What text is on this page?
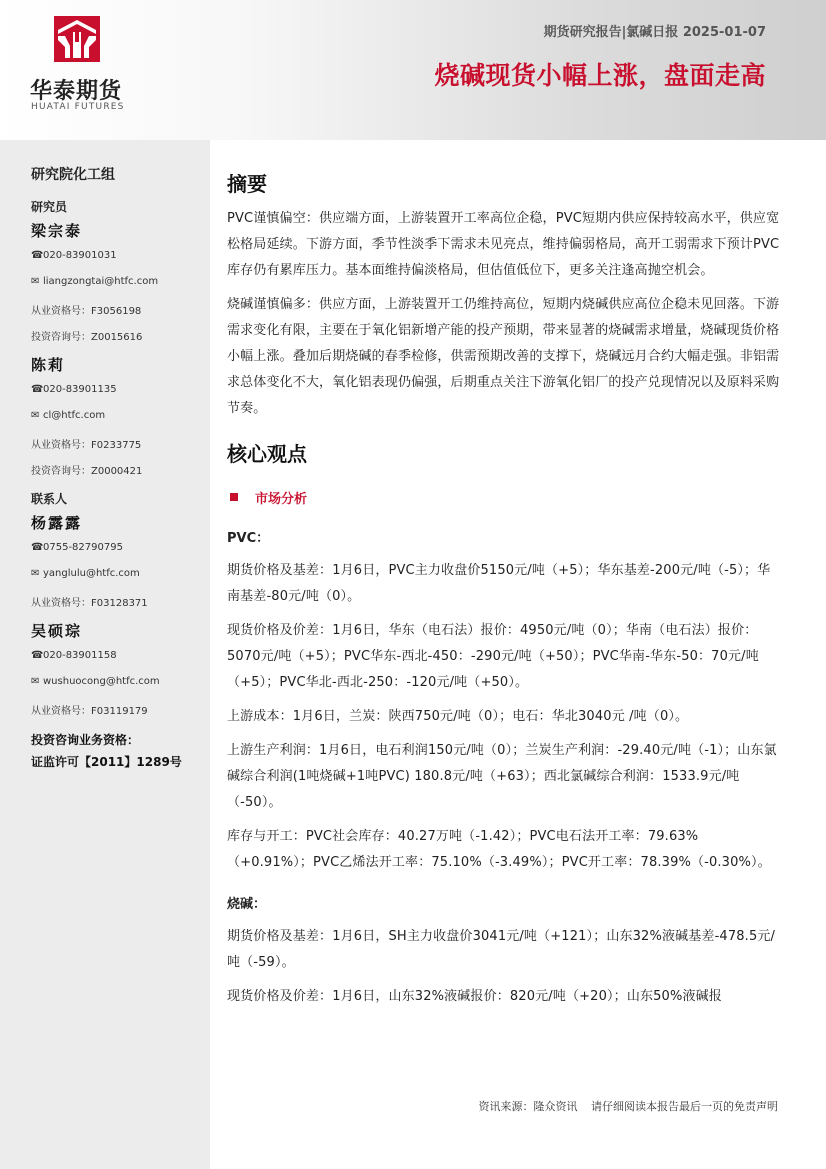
华泰期货
HUATAI FUTURES
期货研究报告|氯碱日报 2025-01-07
烧碱现货小幅上涨，盘面走高
研究院化工组
研究员
梁宗泰
☎ 020-83901031
✉ liangzongtai@htfc.com
从业资格号：F3056198
投资咨询号：Z0015616
陈莉
☎ 020-83901135
✉ cl@htfc.com
从业资格号：F0233775
投资咨询号：Z0000421
联系人
杨露露
☎ 0755-82790795
✉ yanglulu@htfc.com
从业资格号：F03128371
吴硕琮
☎ 020-83901158
✉ wushuocong@htfc.com
从业资格号：F03119179
投资咨询业务资格：
证监许可【2011】1289号
摘要

PVC谨慎偏空：供应端方面，上游装置开工率高位企稳，PVC短期内供应保持较高水平，供应宽松格局延续。下游方面，季节性淡季下需求未见亮点，维持偏弱格局，高开工弱需求下预计PVC库存仍有累库压力。基本面维持偏淡格局，但估值低位下，更多关注逢高抛空机会。

烧碱谨慎偏多：供应方面，上游装置开工仍维持高位，短期内烧碱供应高位企稳未见回落。下游需求变化有限，主要在于氧化铝新增产能的投产预期，带来显著的烧碱需求增量，烧碱现货价格小幅上涨。叠加后期烧碱的春季检修，供需预期改善的支撑下，烧碱远月合约大幅走强。非铝需求总体变化不大，氧化铝表现仍偏强，后期重点关注下游氧化铝厂的投产兑现情况以及原料采购节奏。

核心观点
市场分析
PVC：

期货价格及基差：1月6日，PVC主力收盘价5150元/吨（+5）；华东基差-200元/吨（-5）；华南基差-80元/吨（0）。

现货价格及价差：1月6日，华东（电石法）报价：4950元/吨（0）；华南（电石法）报价：5070元/吨（+5）；PVC华东-西北-450：-290元/吨（+50）；PVC华南-华东-50：70元/吨（+5）；PVC华北-西北-250：-120元/吨（+50）。

上游成本：1月6日，兰炭：陕西750元/吨（0）；电石：华北3040元 /吨（0）。

上游生产利润：1月6日，电石利润150元/吨（0）；兰炭生产利润：-29.40元/吨（-1）；山东氯碱综合利润(1吨烧碱+1吨PVC) 180.8元/吨（+63）；西北氯碱综合利润：1533.9元/吨（-50）。

库存与开工：PVC社会库存：40.27万吨（-1.42）；PVC电石法开工率：79.63%（+0.91%）；PVC乙烯法开工率：75.10%（-3.49%）；PVC开工率：78.39%（-0.30%）。

烧碱：

期货价格及基差：1月6日，SH主力收盘价3041元/吨（+121）；山东32%液碱基差-478.5元/吨（-59）。

现货价格及价差：1月6日，山东32%液碱报价：820元/吨（+20）；山东50%液碱报

资讯来源：隆众资讯 请仔细阅读本报告最后一页的免责声明
